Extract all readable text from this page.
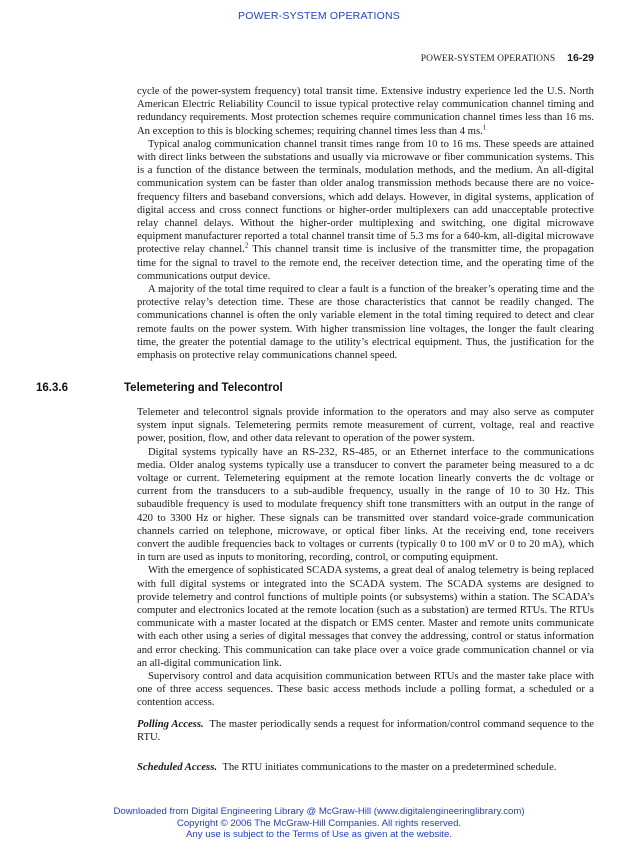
POWER-SYSTEM OPERATIONS
POWER-SYSTEM OPERATIONS 16-29

cycle of the power-system frequency) total transit time. Extensive industry experience led the U.S. North American Electric Reliability Council to issue typical protective relay communication channel timing and redundancy requirements. Most protection schemes require communication channel times less than 16 ms. An exception to this is blocking schemes; requiring channel times less than 4 ms.$^1$

Typical analog communication channel transit times range from 10 to 16 ms. These speeds are attained with direct links between the substations and usually via microwave or fiber communication systems. This is a function of the distance between the terminals, modulation methods, and the medium. An all-digital communication system can be faster than older analog transmission methods because there are no voice-frequency filters and baseband conversions, which add delays. However, in digital systems, application of digital access and cross connect functions or higher-order multiplexers can add unacceptable protective relay channel delays. Without the higher-order multiplexing and switching, one digital microwave equipment manufacturer reported a total channel transit time of 5.3 ms for a 640-km, all-digital microwave protective relay channel.$^2$ This channel transit time is inclusive of the transmitter time, the propagation time for the signal to travel to the remote end, the receiver detection time, and the operating time of the communications output device.

A majority of the total time required to clear a fault is a function of the breaker’s operating time and the protective relay’s detection time. These are those characteristics that cannot be readily changed. The communications channel is often the only variable element in the total timing required to detect and clear remote faults on the power system. With higher transmission line voltages, the longer the fault clearing time, the greater the potential damage to the utility’s electrical equipment. Thus, the justification for the emphasis on protective relay communications channel speed.

16.3.6	Telemetering and Telecontrol

Telemeter and telecontrol signals provide information to the operators and may also serve as computer system input signals. Telemetering permits remote measurement of current, voltage, real and reactive power, position, flow, and other data relevant to operation of the power system.

Digital systems typically have an RS-232, RS-485, or an Ethernet interface to the communications media. Older analog systems typically use a transducer to convert the parameter being measured to a dc voltage or current. Telemetering equipment at the remote location linearly converts the dc voltage or current from the transducers to a sub-audible frequency, usually in the range of 10 to 30 Hz. This subaudible frequency is used to modulate frequency shift tone transmitters with an output in the range of 420 to 3300 Hz or higher. These signals can be transmitted over standard voice-grade communication channels carried on telephone, microwave, or optical fiber links. At the receiving end, tone receivers convert the audible frequencies back to voltages or currents (typically 0 to 100 mV or 0 to 20 mA), which in turn are used as inputs to monitoring, recording, control, or computing equipment.

With the emergence of sophisticated SCADA systems, a great deal of analog telemetry is being replaced with full digital systems or integrated into the SCADA system. The SCADA systems are designed to provide telemetry and control functions of multiple points (or subsystems) within a station. The SCADA’s computer and electronics located at the remote location (such as a substation) are termed RTUs. The RTUs communicate with a master located at the dispatch or EMS center. Master and remote units communicate with each other using a series of digital messages that convey the addressing, control or status information and error checking. This communication can take place over a voice grade communication channel or via an all-digital communication link.

Supervisory control and data acquisition communication between RTUs and the master take place with one of three access sequences. These basic access methods include a polling format, a scheduled or a contention access.

Polling Access. The master periodically sends a request for information/control command sequence to the RTU.

Scheduled Access. The RTU initiates communications to the master on a predetermined schedule.

Downloaded from Digital Engineering Library @ McGraw-Hill (www.digitalengineeringlibrary.com)
Copyright © 2006 The McGraw-Hill Companies. All rights reserved.
Any use is subject to the Terms of Use as given at the website.
